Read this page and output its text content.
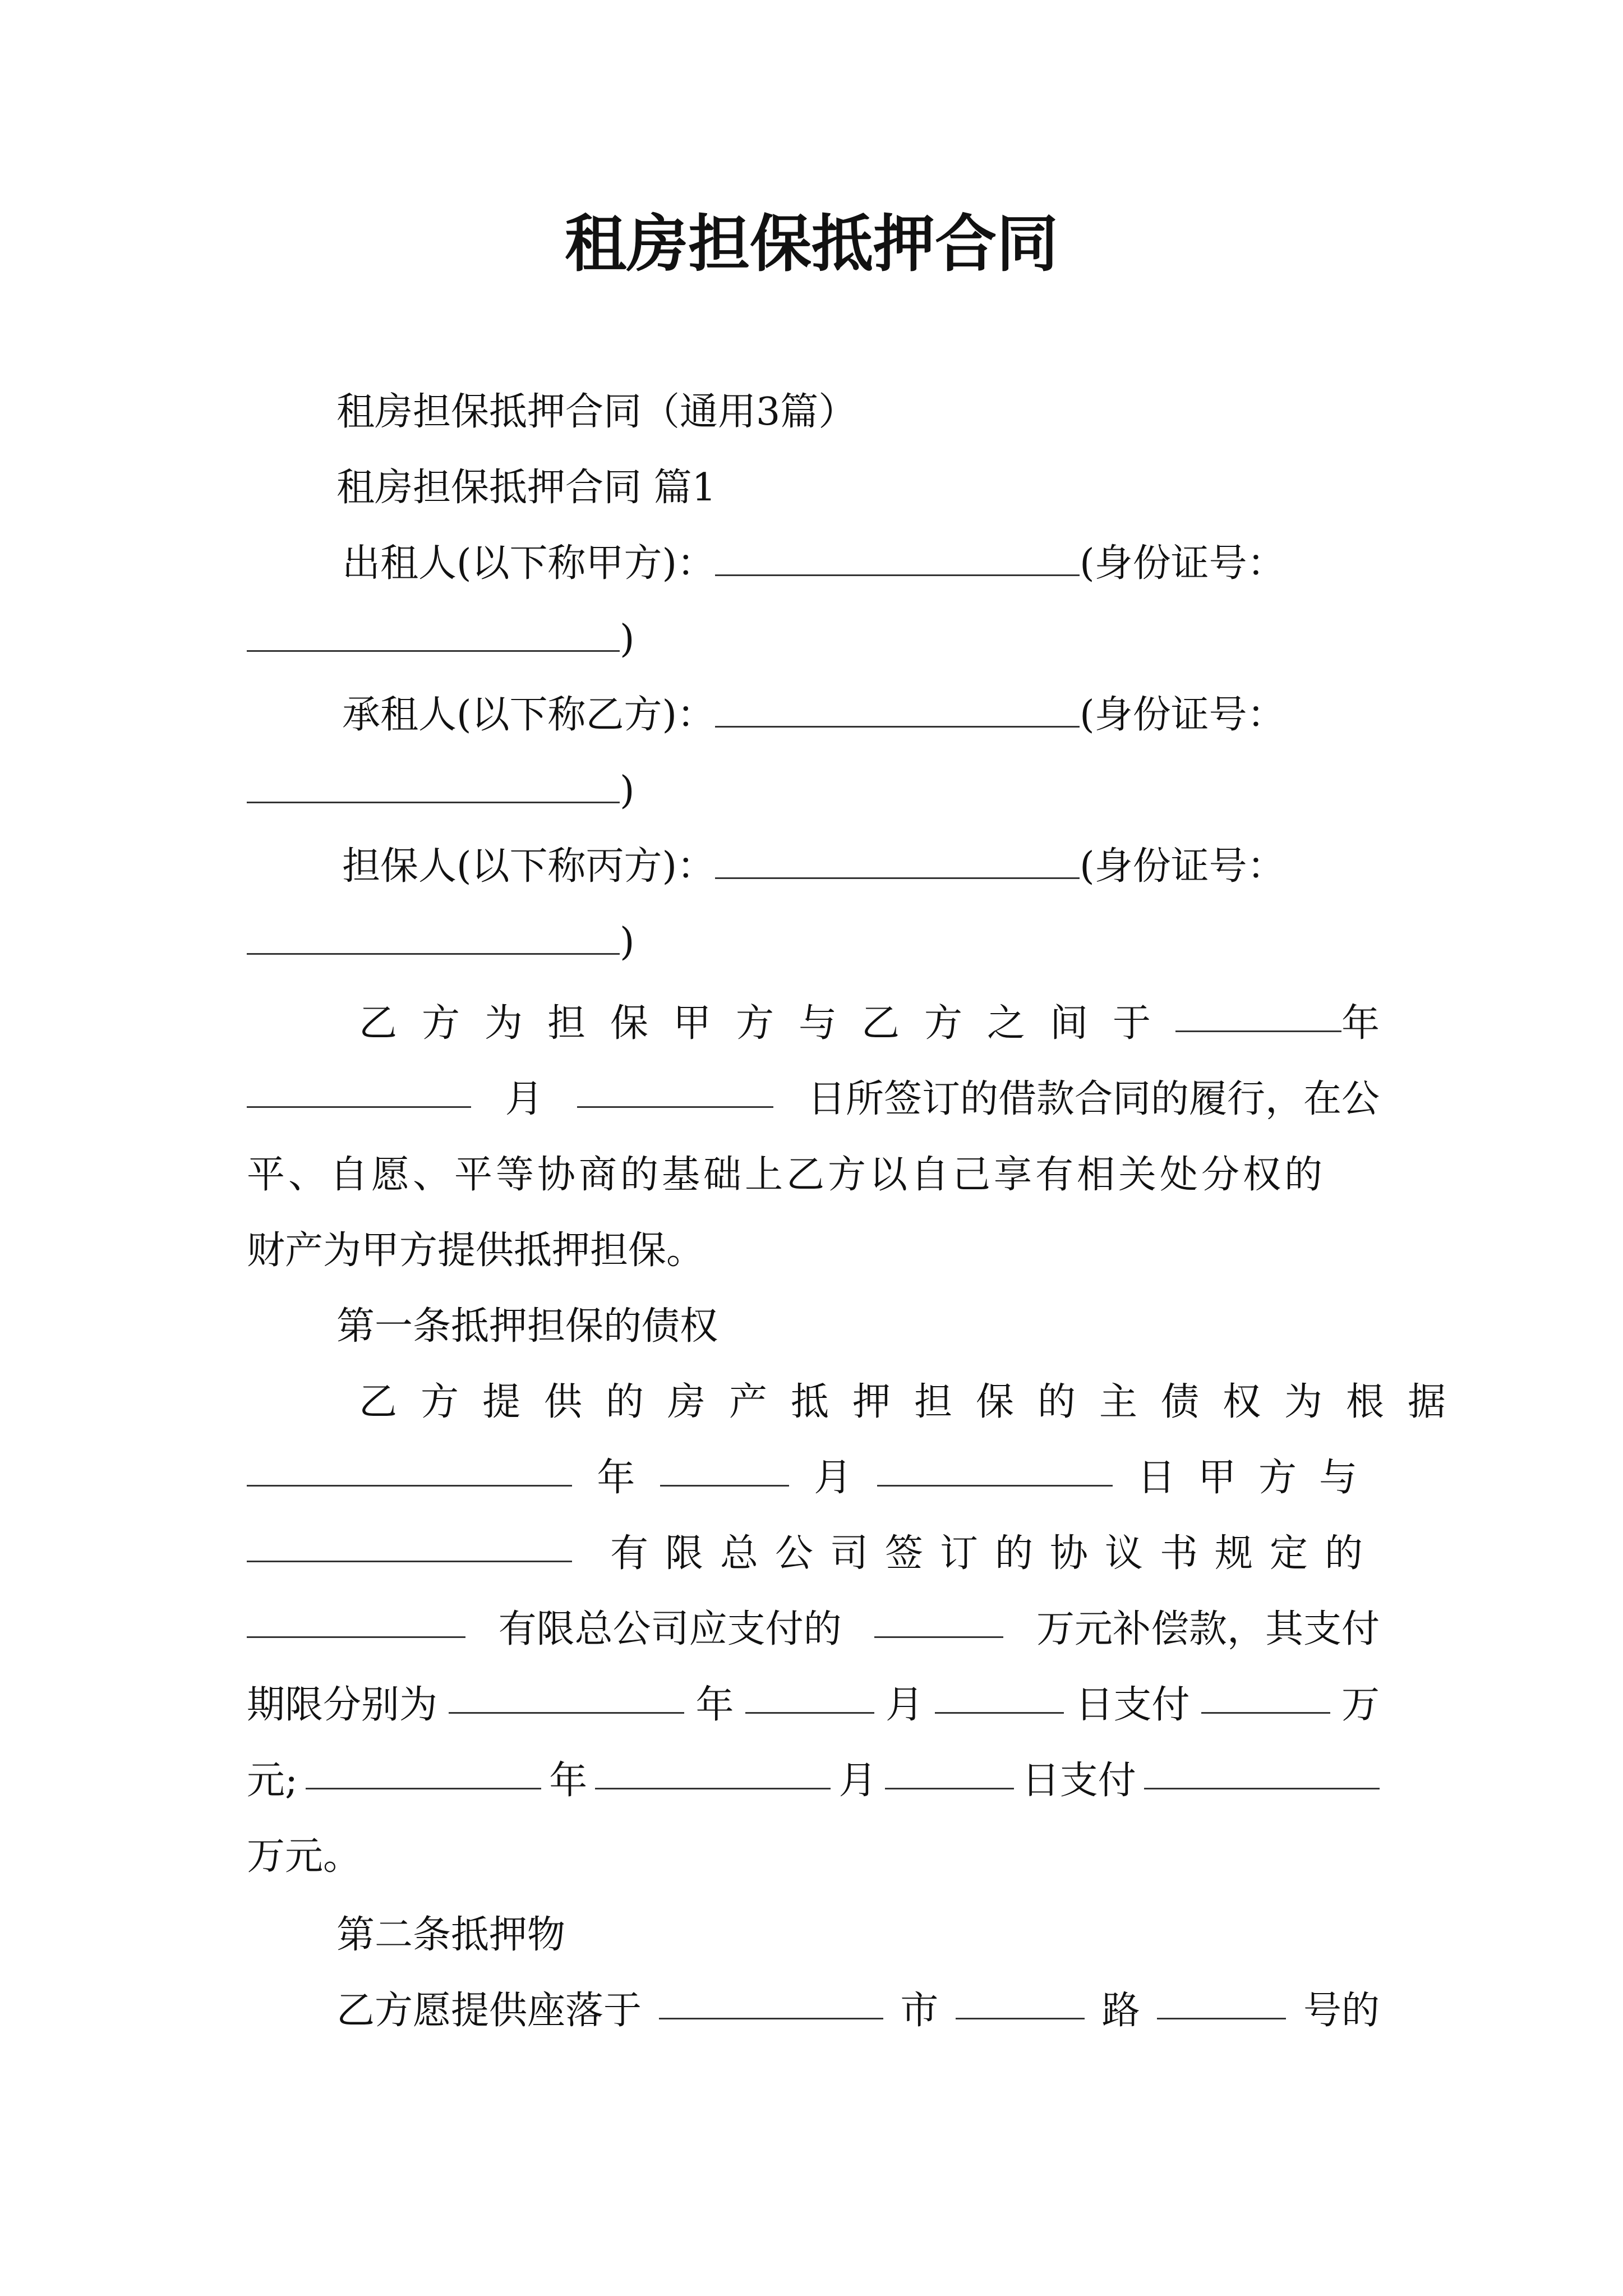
租房担保抵押合同
租房担保抵押合同（通用3篇）
租房担保抵押合同 篇1
出租人(以下称甲方)：	(身份证号：
)
承租人(以下称乙方)：	(身份证号：
)
担保人(以下称丙方)：	(身份证号：
)
乙方为担保甲方与乙方之间于	年
月	日所签订的借款合同的履行，在公
平、自愿、平等协商的基础上乙方以自己享有相关处分权的
财产为甲方提供抵押担保。
第一条抵押担保的债权
乙方提供的房产抵押担保的主债权为根据
年	月	日甲方与
有限总公司签订的协议书规定的
有限总公司应支付的	万元补偿款，其支付
期限分别为	年	月	日支付	万
元;	年	月	日支付
万元。
第二条抵押物
乙方愿提供座落于	市	路	号的
